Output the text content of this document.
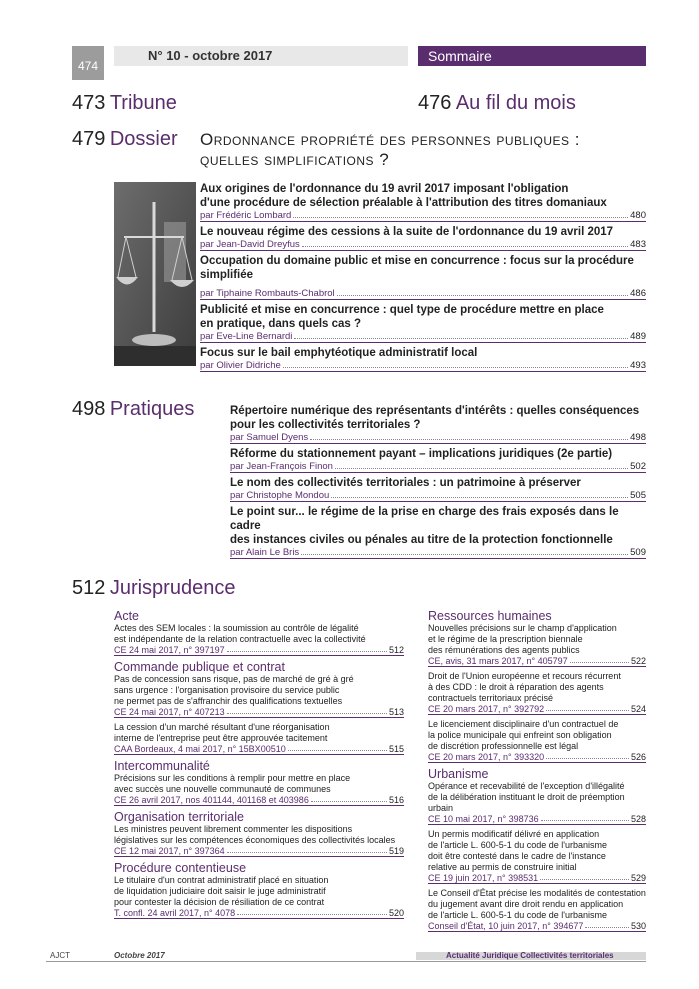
474
N° 10 - octobre 2017	Sommaire
473 Tribune	476 Au fil du mois
479 Dossier Ordonnance propriété des personnes publiques :
quelles simplifications ?
Aux origines de l'ordonnance du 19 avril 2017 imposant l'obligation
d'une procédure de sélection préalable à l'attribution des titres domaniaux
par Frédéric Lombard	480
Le nouveau régime des cessions à la suite de l'ordonnance du 19 avril 2017
par Jean-David Dreyfus	483
Occupation du domaine public et mise en concurrence : focus sur la procédure
simplifiée
par Tiphaine Rombauts-Chabrol	486
Publicité et mise en concurrence : quel type de procédure mettre en place
en pratique, dans quels cas ?
par Eve-Line Bernardi	489
Focus sur le bail emphytéotique administratif local
par Olivier Didriche	493
498 Pratiques	Répertoire numérique des représentants d'intérêts : quelles conséquences
pour les collectivités territoriales ?
par Samuel Dyens	498
Réforme du stationnement payant – implications juridiques (2e partie)
par Jean-François Finon	502
Le nom des collectivités territoriales : un patrimoine à préserver
par Christophe Mondou	505
Le point sur... le régime de la prise en charge des frais exposés dans le cadre
des instances civiles ou pénales au titre de la protection fonctionnelle
par Alain Le Bris	509
512 Jurisprudence
Acte
Actes des SEM locales : la soumission au contrôle de légalité
est indépendante de la relation contractuelle avec la collectivité
CE 24 mai 2017, n° 397197	512
Commande publique et contrat
Pas de concession sans risque, pas de marché de gré à gré
sans urgence : l'organisation provisoire du service public
ne permet pas de s'affranchir des qualifications textuelles
CE 24 mai 2017, n° 407213	513
La cession d'un marché résultant d'une réorganisation
interne de l'entreprise peut être approuvée tacitement
CAA Bordeaux, 4 mai 2017, n° 15BX00510	515
Intercommunalité
Précisions sur les conditions à remplir pour mettre en place
avec succès une nouvelle communauté de communes
CE 26 avril 2017, nos 401144, 401168 et 403986	516
Organisation territoriale
Les ministres peuvent librement commenter les dispositions
législatives sur les compétences économiques des collectivités locales
CE 12 mai 2017, n° 397364	519
Procédure contentieuse
Le titulaire d'un contrat administratif placé en situation
de liquidation judiciaire doit saisir le juge administratif
pour contester la décision de résiliation de ce contrat
T. confl. 24 avril 2017, n° 4078	520
Ressources humaines
Nouvelles précisions sur le champ d'application
et le régime de la prescription biennale
des rémunérations des agents publics
CE, avis, 31 mars 2017, n° 405797	522
Droit de l'Union européenne et recours récurrent
à des CDD : le droit à réparation des agents
contractuels territoriaux précisé
CE 20 mars 2017, n° 392792	524
Le licenciement disciplinaire d'un contractuel de
la police municipale qui enfreint son obligation
de discrétion professionnelle est légal
CE 20 mars 2017, n° 393320	526
Urbanisme
Opérance et recevabilité de l'exception d'illégalité
de la délibération instituant le droit de préemption
urbain
CE 10 mai 2017, n° 398736	528
Un permis modificatif délivré en application
de l'article L. 600-5-1 du code de l'urbanisme
doit être contesté dans le cadre de l'instance
relative au permis de construire initial
CE 19 juin 2017, n° 398531	529
Le Conseil d'État précise les modalités de contestation
du jugement avant dire droit rendu en application
de l'article L. 600-5-1 du code de l'urbanisme
Conseil d'État, 10 juin 2017, n° 394677	530
AJCT	Octobre 2017	Actualité Juridique Collectivités territoriales
